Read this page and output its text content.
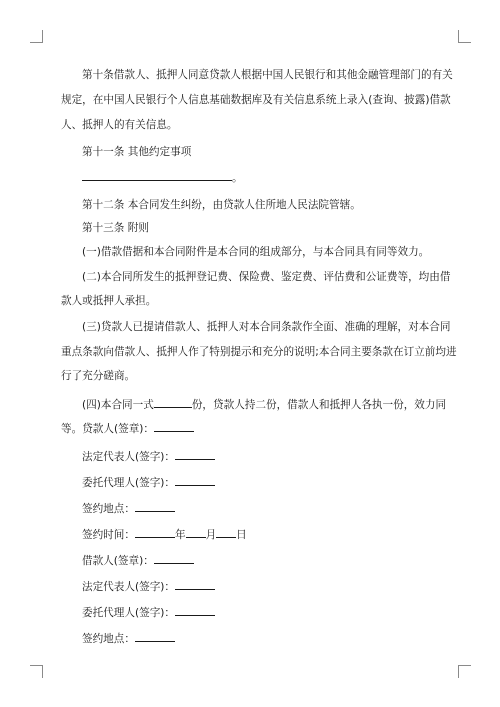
第十条借款人、抵押人同意贷款人根据中国人民银行和其他金融管理部门的有关
规定，在中国人民银行个人信息基础数据库及有关信息系统上录入(查询、披露)借款
人、抵押人的有关信息。
第十一条 其他约定事项
。
第十二条 本合同发生纠纷，由贷款人住所地人民法院管辖。
第十三条 附则
(一)借款借据和本合同附件是本合同的组成部分，与本合同具有同等效力。
(二)本合同所发生的抵押登记费、保险费、鉴定费、评估费和公证费等，均由借
款人或抵押人承担。
(三)贷款人已提请借款人、抵押人对本合同条款作全面、准确的理解，对本合同
重点条款向借款人、抵押人作了特别提示和充分的说明;本合同主要条款在订立前均进
行了充分磋商。
(四)本合同一式	份，贷款人持二份，借款人和抵押人各执一份，效力同
等。贷款人(签章)：
法定代表人(签字)：
委托代理人(签字)：
签约地点：
签约时间：	年 月 日
借款人(签章)：
法定代表人(签字)：
委托代理人(签字)：
签约地点：
